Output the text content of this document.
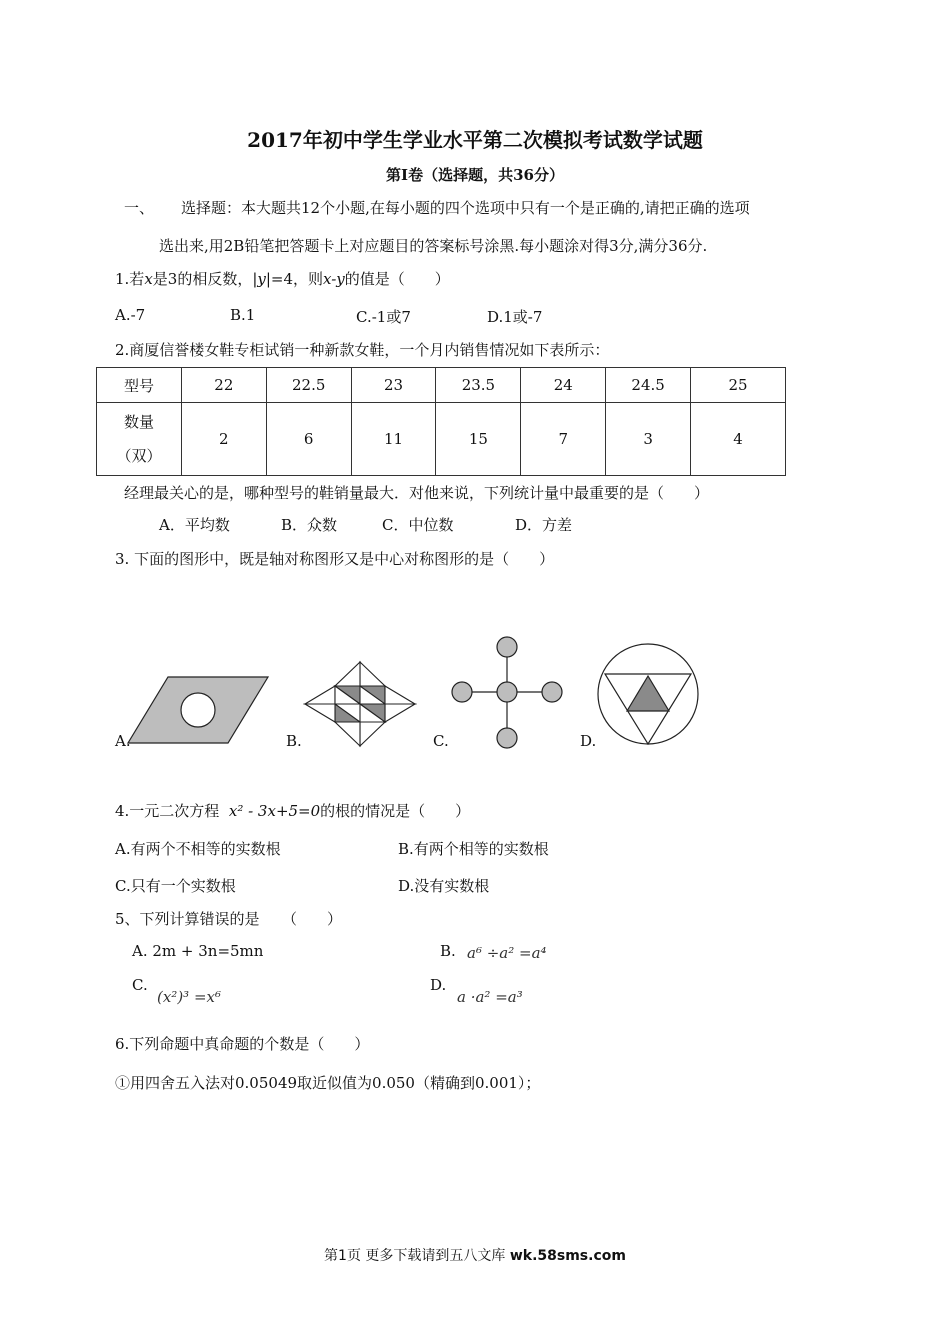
2017年初中学生学业水平第二次模拟考试数学试题
第Ⅰ卷（选择题，共36分）
一、 选择题：本大题共12个小题,在每小题的四个选项中只有一个是正确的,请把正确的选项
选出来,用2B铅笔把答题卡上对应题目的答案标号涂黑.每小题涂对得3分,满分36分.
1.若x是3的相反数，|y|=4，则x-y的值是（　　）
A.-7	B.1	C.-1或7	D.1或-7
2.商厦信誉楼女鞋专柜试销一种新款女鞋，一个月内销售情况如下表所示：
型号	22	22.5	23	23.5	24	24.5	25

数量
（双）	2	6	11	15	7	3	4
经理最关心的是，哪种型号的鞋销量最大．对他来说，下列统计量中最重要的是（　　）
A．平均数	B．众数	C．中位数	D．方差
3. 下面的图形中，既是轴对称图形又是中心对称图形的是（　　）
A.	B.	C.	D.
4.一元二次方程 x² - 3x+5=0的根的情况是（　　）
A.有两个不相等的实数根	B.有两个相等的实数根
C.只有一个实数根	D.没有实数根
5、下列计算错误的是　　（　　）
A. 2m + 3n=5mn	B. a⁶ ÷a² =a⁴
C.
(x²)³ =x⁶
D.
a ·a² =a³
6.下列命题中真命题的个数是（　　）
①用四舍五入法对0.05049取近似值为0.050（精确到0.001）；
第1页 更多下载请到五八文库 wk.58sms.com
